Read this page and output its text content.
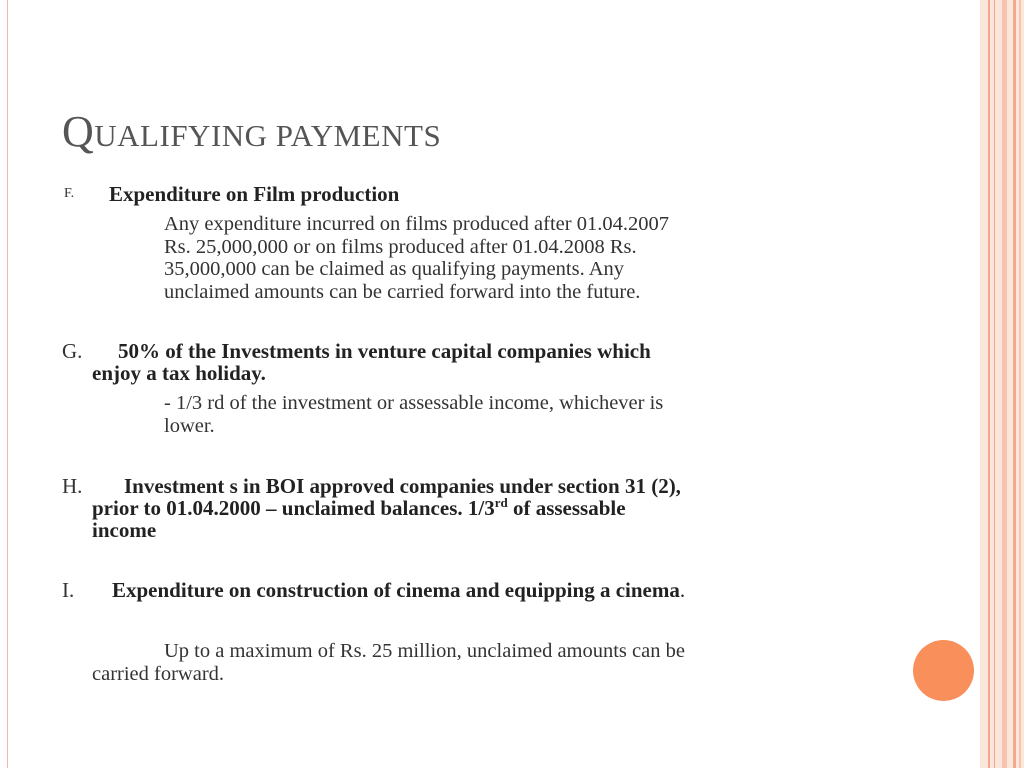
QUALIFYING PAYMENTS
F. Expenditure on Film production
Any expenditure incurred on films produced after 01.04.2007
Rs. 25,000,000 or on films produced after 01.04.2008 Rs.
35,000,000 can be claimed as qualifying payments. Any
unclaimed amounts can be carried forward into the future.
G. 50% of the Investments in venture capital companies which
enjoy a tax holiday.
- 1/3 rd of the investment or assessable income, whichever is
lower.
H. Investment s in BOI approved companies under section 31 (2),
prior to 01.04.2000 – unclaimed balances. 1/3rd of assessable
income
I. Expenditure on construction of cinema and equipping a cinema.
Up to a maximum of Rs. 25 million, unclaimed amounts can be
carried forward.
